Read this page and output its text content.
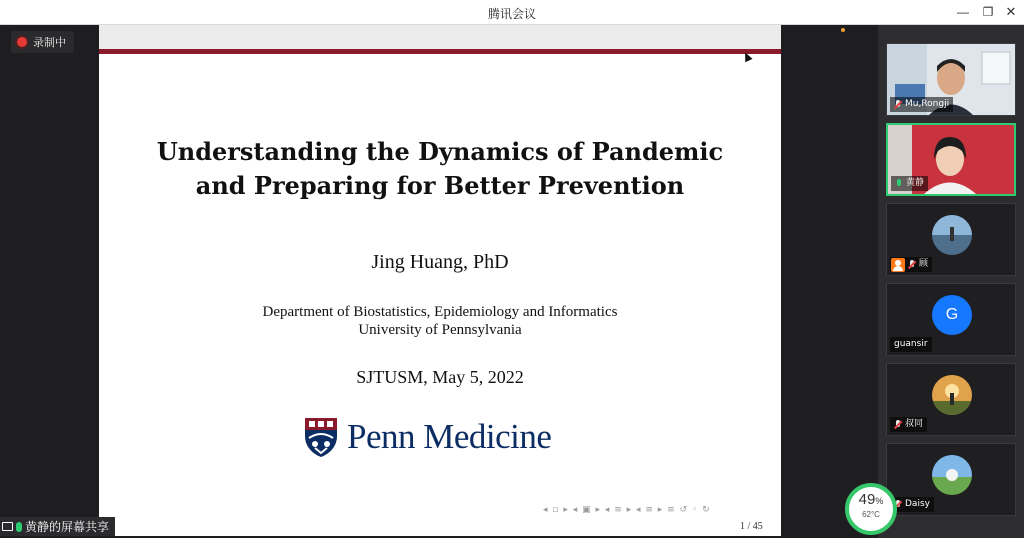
腾讯会议	—	❐ ✕
录制中
Understanding the Dynamics of Pandemic
and Preparing for Better Prevention
Jing Huang, PhD
Department of Biostatistics, Epidemiology and Informatics
University of Pennsylvania
SJTUSM, May 5, 2022
Penn Medicine
◂ ▫ ▸ ◂ ▣ ▸ ◂ ≡ ▸ ◂ ≡ ▸ ≡ ↺ ◦ ↻
1 / 45
黄静的屏幕共享
Mu,Rongji
黄静
顾
G
guansir
叔同
Daisy
49%
62°C
